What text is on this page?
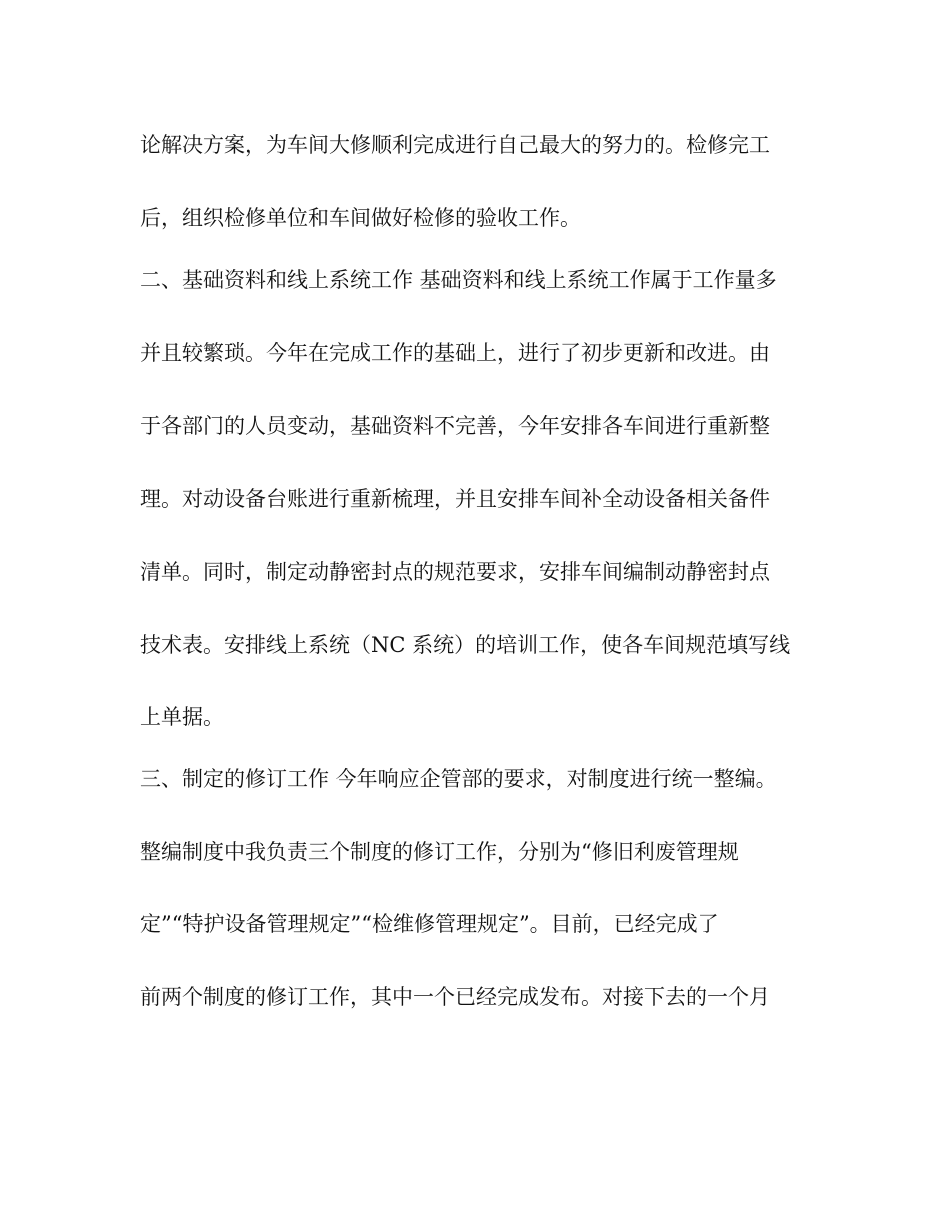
论解决方案，为车间大修顺利完成进行自己最大的努力的。检修完工
后，组织检修单位和车间做好检修的验收工作。
二、基础资料和线上系统工作 基础资料和线上系统工作属于工作量多
并且较繁琐。今年在完成工作的基础上，进行了初步更新和改进。由
于各部门的人员变动，基础资料不完善，今年安排各车间进行重新整
理。对动设备台账进行重新梳理，并且安排车间补全动设备相关备件
清单。同时，制定动静密封点的规范要求，安排车间编制动静密封点
技术表。安排线上系统（NC 系统）的培训工作，使各车间规范填写线
上单据。
三、制定的修订工作 今年响应企管部的要求，对制度进行统一整编。
整编制度中我负责三个制度的修订工作，分别为“修旧利废管理规
定”“特护设备管理规定”“检维修管理规定”。目前，已经完成了
前两个制度的修订工作，其中一个已经完成发布。对接下去的一个月
